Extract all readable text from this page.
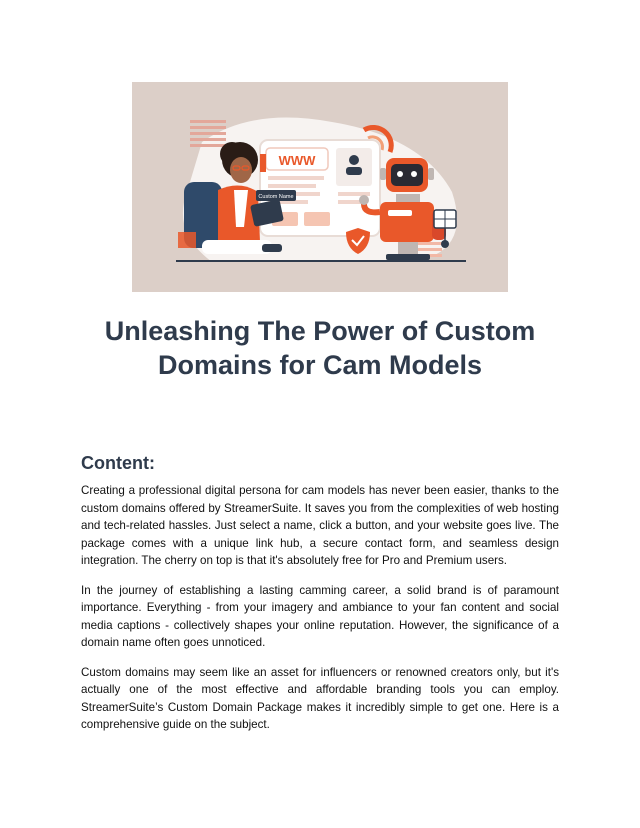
WWW
Custom Name
Unleashing The Power of Custom
Domains for Cam Models
Content:

Creating a professional digital persona for cam models has never been easier, thanks to the custom domains offered by StreamerSuite. It saves you from the complexities of web hosting and tech-related hassles. Just select a name, click a button, and your website goes live. The package comes with a unique link hub, a secure contact form, and seamless design integration. The cherry on top is that it's absolutely free for Pro and Premium users.

In the journey of establishing a lasting camming career, a solid brand is of paramount importance. Everything - from your imagery and ambiance to your fan content and social media captions - collectively shapes your online reputation. However, the significance of a domain name often goes unnoticed.

Custom domains may seem like an asset for influencers or renowned creators only, but it's actually one of the most effective and affordable branding tools you can employ. StreamerSuite’s Custom Domain Package makes it incredibly simple to get one. Here is a comprehensive guide on the subject.
